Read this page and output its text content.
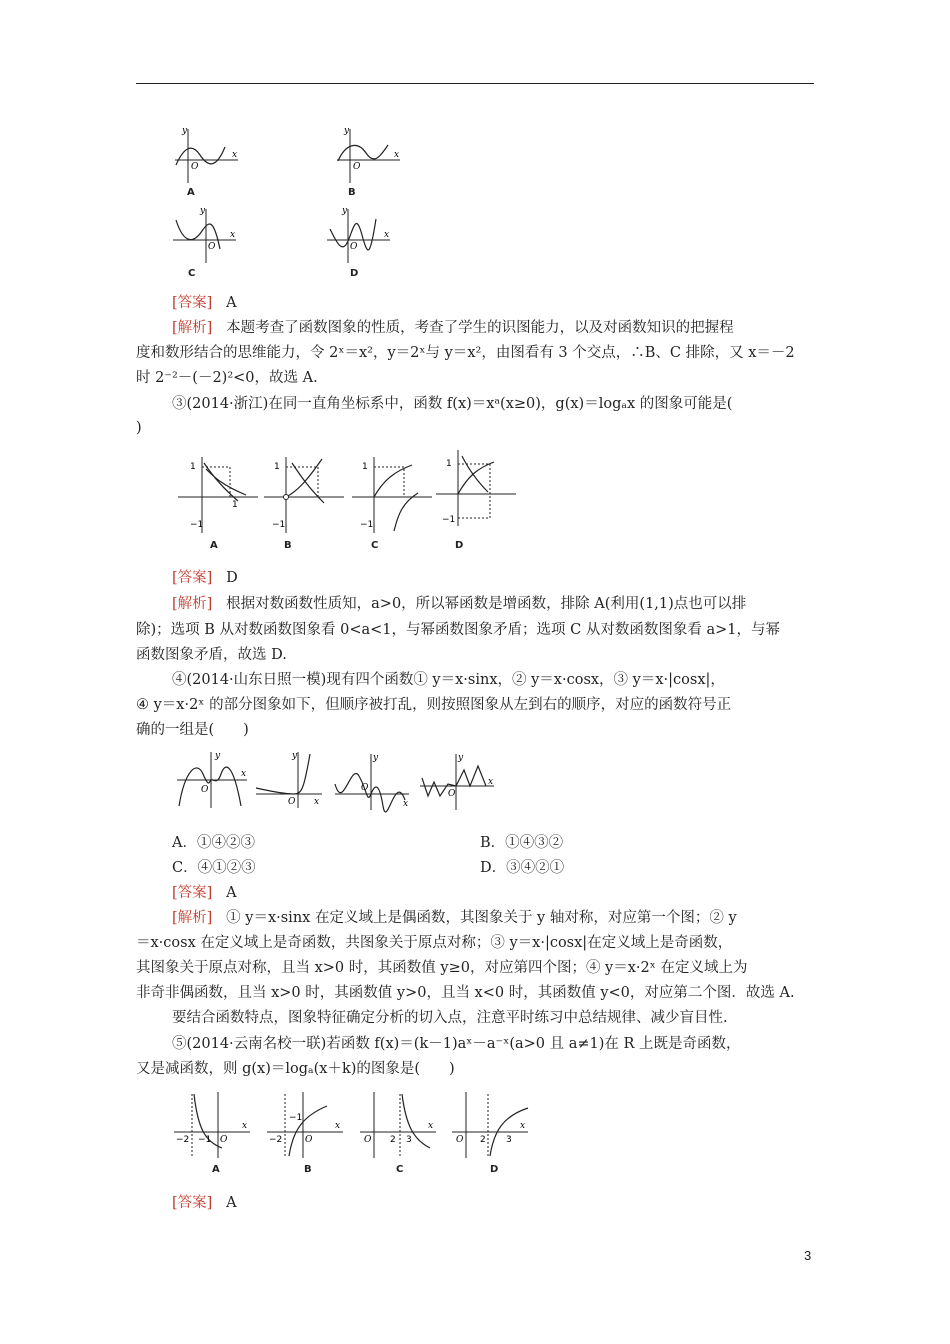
O
x
y
A
O
x
y
B
O
x
y
C
O
x
y
D
[答案] A
[解析] 本题考查了函数图象的性质，考查了学生的识图能力，以及对函数知识的把握程
度和数形结合的思维能力，令 2ˣ＝x²，y＝2ˣ与 y＝x²，由图看有 3 个交点，∴B、C 排除，又 x＝－2
时 2⁻²－(－2)²<0，故选 A.
③(2014·浙江)在同一直角坐标系中，函数 f(x)＝xᵃ(x≥0)，g(x)＝logₐx 的图象可能是(
)
1
−1
1
A
1
−1
B
1
−1
C
1
−1
D
[答案] D
[解析] 根据对数函数性质知，a>0，所以幂函数是增函数，排除 A(利用(1,1)点也可以排
除)；选项 B 从对数函数图象看 0<a<1，与幂函数图象矛盾；选项 C 从对数函数图象看 a>1，与幂
函数图象矛盾，故选 D.
④(2014·山东日照一模)现有四个函数① y＝x·sinx，② y＝x·cosx，③ y＝x·|cosx|，
④ y＝x·2ˣ 的部分图象如下，但顺序被打乱，则按照图象从左到右的顺序，对应的函数符号正
确的一组是(　　)
O
x
y
O x
y
O
x
y
O
x
y
A．①④②③	B．①④③②
C．④①②③	D．③④②①
[答案] A
[解析] ① y＝x·sinx 在定义域上是偶函数，其图象关于 y 轴对称，对应第一个图；② y
＝x·cosx 在定义域上是奇函数，共图象关于原点对称；③ y＝x·|cosx|在定义域上是奇函数，
其图象关于原点对称，且当 x>0 时，其函数值 y≥0，对应第四个图；④ y＝x·2ˣ 在定义域上为
非奇非偶函数，且当 x>0 时，其函数值 y>0，且当 x<0 时，其函数值 y<0，对应第二个图．故选 A.
要结合函数特点，图象特征确定分析的切入点，注意平时练习中总结规律、减少盲目性.
⑤(2014·云南名校一联)若函数 f(x)＝(k－1)aˣ－a⁻ˣ(a>0 且 a≠1)在 R 上既是奇函数，
又是减函数，则 g(x)＝logₐ(x＋k)的图象是(　　)
−2 −1 O
x
A
−2
−1
O
x
B
O 2 3
x
C
O 2 3
x
D
[答案] A
3
